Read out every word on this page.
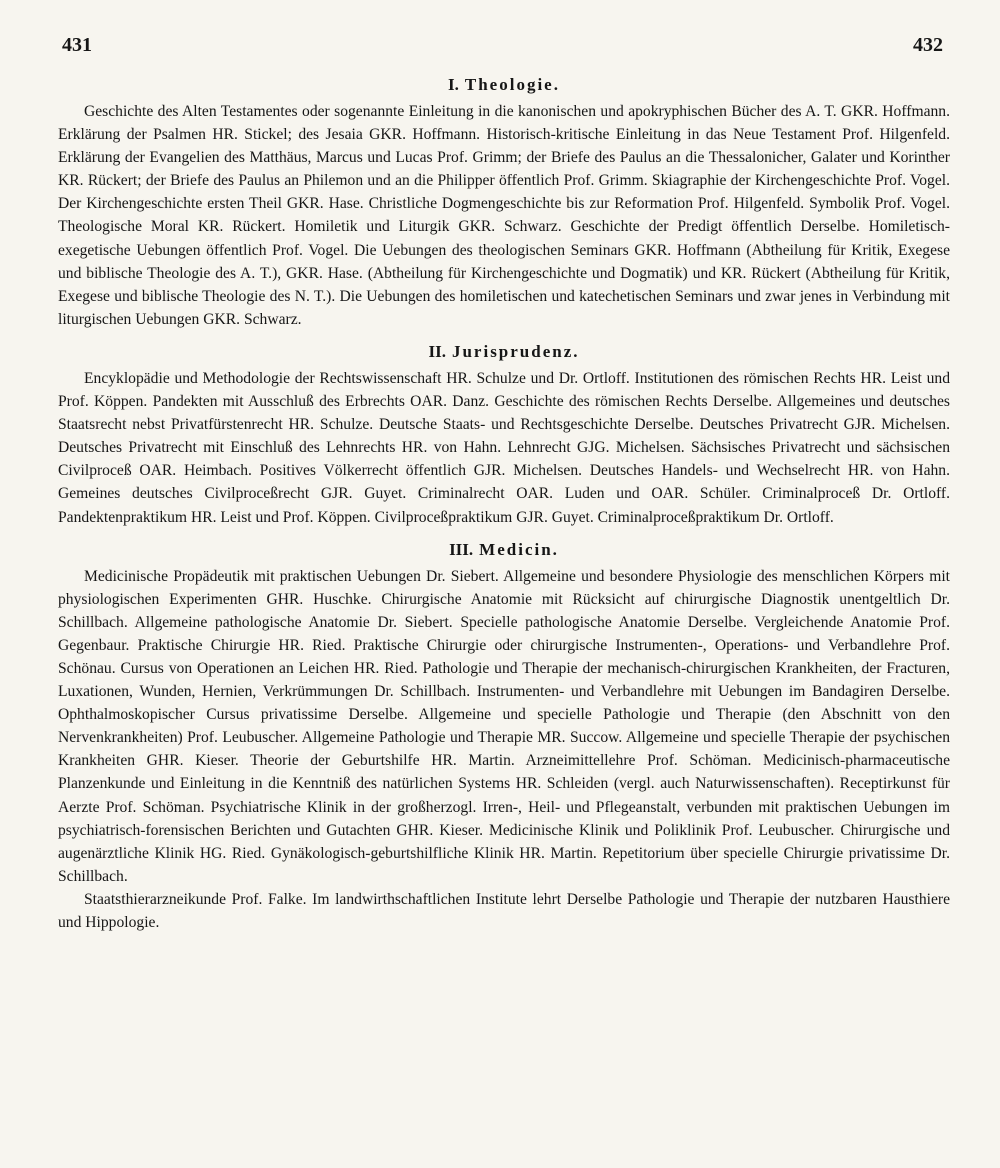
431	432
I. Theologie.

Geschichte des Alten Testamentes oder sogenannte Einleitung in die kanonischen und apokryphischen Bücher des A. T. GKR. Hoffmann. Erklärung der Psalmen HR. Stickel; des Jesaia GKR. Hoffmann. Historisch-kritische Einleitung in das Neue Testament Prof. Hilgenfeld. Erklärung der Evangelien des Matthäus, Marcus und Lucas Prof. Grimm; der Briefe des Paulus an die Thessalonicher, Galater und Korinther KR. Rückert; der Briefe des Paulus an Philemon und an die Philipper öffentlich Prof. Grimm. Skiagraphie der Kirchengeschichte Prof. Vogel. Der Kirchengeschichte ersten Theil GKR. Hase. Christliche Dogmengeschichte bis zur Reformation Prof. Hilgenfeld. Symbolik Prof. Vogel. Theologische Moral KR. Rückert. Homiletik und Liturgik GKR. Schwarz. Geschichte der Predigt öffentlich Derselbe. Homiletisch-exegetische Uebungen öffentlich Prof. Vogel. Die Uebungen des theologischen Seminars GKR. Hoffmann (Abtheilung für Kritik, Exegese und biblische Theologie des A. T.), GKR. Hase. (Abtheilung für Kirchengeschichte und Dogmatik) und KR. Rückert (Abtheilung für Kritik, Exegese und biblische Theologie des N. T.). Die Uebungen des homiletischen und katechetischen Seminars und zwar jenes in Verbindung mit liturgischen Uebungen GKR. Schwarz.

II. Jurisprudenz.

Encyklopädie und Methodologie der Rechtswissenschaft HR. Schulze und Dr. Ortloff. Institutionen des römischen Rechts HR. Leist und Prof. Köppen. Pandekten mit Ausschluß des Erbrechts OAR. Danz. Geschichte des römischen Rechts Derselbe. Allgemeines und deutsches Staatsrecht nebst Privatfürstenrecht HR. Schulze. Deutsche Staats- und Rechtsgeschichte Derselbe. Deutsches Privatrecht GJR. Michelsen. Deutsches Privatrecht mit Einschluß des Lehnrechts HR. von Hahn. Lehnrecht GJG. Michelsen. Sächsisches Privatrecht und sächsischen Civilproceß OAR. Heimbach. Positives Völkerrecht öffentlich GJR. Michelsen. Deutsches Handels- und Wechselrecht HR. von Hahn. Gemeines deutsches Civilproceßrecht GJR. Guyet. Criminalrecht OAR. Luden und OAR. Schüler. Criminalproceß Dr. Ortloff. Pandektenpraktikum HR. Leist und Prof. Köppen. Civilproceßpraktikum GJR. Guyet. Criminalproceßpraktikum Dr. Ortloff.

III. Medicin.

Medicinische Propädeutik mit praktischen Uebungen Dr. Siebert. Allgemeine und besondere Physiologie des menschlichen Körpers mit physiologischen Experimenten GHR. Huschke. Chirurgische Anatomie mit Rücksicht auf chirurgische Diagnostik unentgeltlich Dr. Schillbach. Allgemeine pathologische Anatomie Dr. Siebert. Specielle pathologische Anatomie Derselbe. Vergleichende Anatomie Prof. Gegenbaur. Praktische Chirurgie HR. Ried. Praktische Chirurgie oder chirurgische Instrumenten-, Operations- und Verbandlehre Prof. Schönau. Cursus von Operationen an Leichen HR. Ried. Pathologie und Therapie der mechanisch-chirurgischen Krankheiten, der Fracturen, Luxationen, Wunden, Hernien, Verkrümmungen Dr. Schillbach. Instrumenten- und Verbandlehre mit Uebungen im Bandagiren Derselbe. Ophthalmoskopischer Cursus privatissime Derselbe. Allgemeine und specielle Pathologie und Therapie (den Abschnitt von den Nervenkrankheiten) Prof. Leubuscher. Allgemeine Pathologie und Therapie MR. Succow. Allgemeine und specielle Therapie der psychischen Krankheiten GHR. Kieser. Theorie der Geburtshilfe HR. Martin. Arzneimittellehre Prof. Schöman. Medicinisch-pharmaceutische Planzenkunde und Einleitung in die Kenntniß des natürlichen Systems HR. Schleiden (vergl. auch Naturwissenschaften). Receptirkunst für Aerzte Prof. Schöman. Psychiatrische Klinik in der großherzogl. Irren-, Heil- und Pflegeanstalt, verbunden mit praktischen Uebungen im psychiatrisch-forensischen Berichten und Gutachten GHR. Kieser. Medicinische Klinik und Poliklinik Prof. Leubuscher. Chirurgische und augenärztliche Klinik HG. Ried. Gynäkologisch-geburtshilfliche Klinik HR. Martin. Repetitorium über specielle Chirurgie privatissime Dr. Schillbach.

Staatsthierarzneikunde Prof. Falke. Im landwirthschaftlichen Institute lehrt Derselbe Pathologie und Therapie der nutzbaren Hausthiere und Hippologie.
